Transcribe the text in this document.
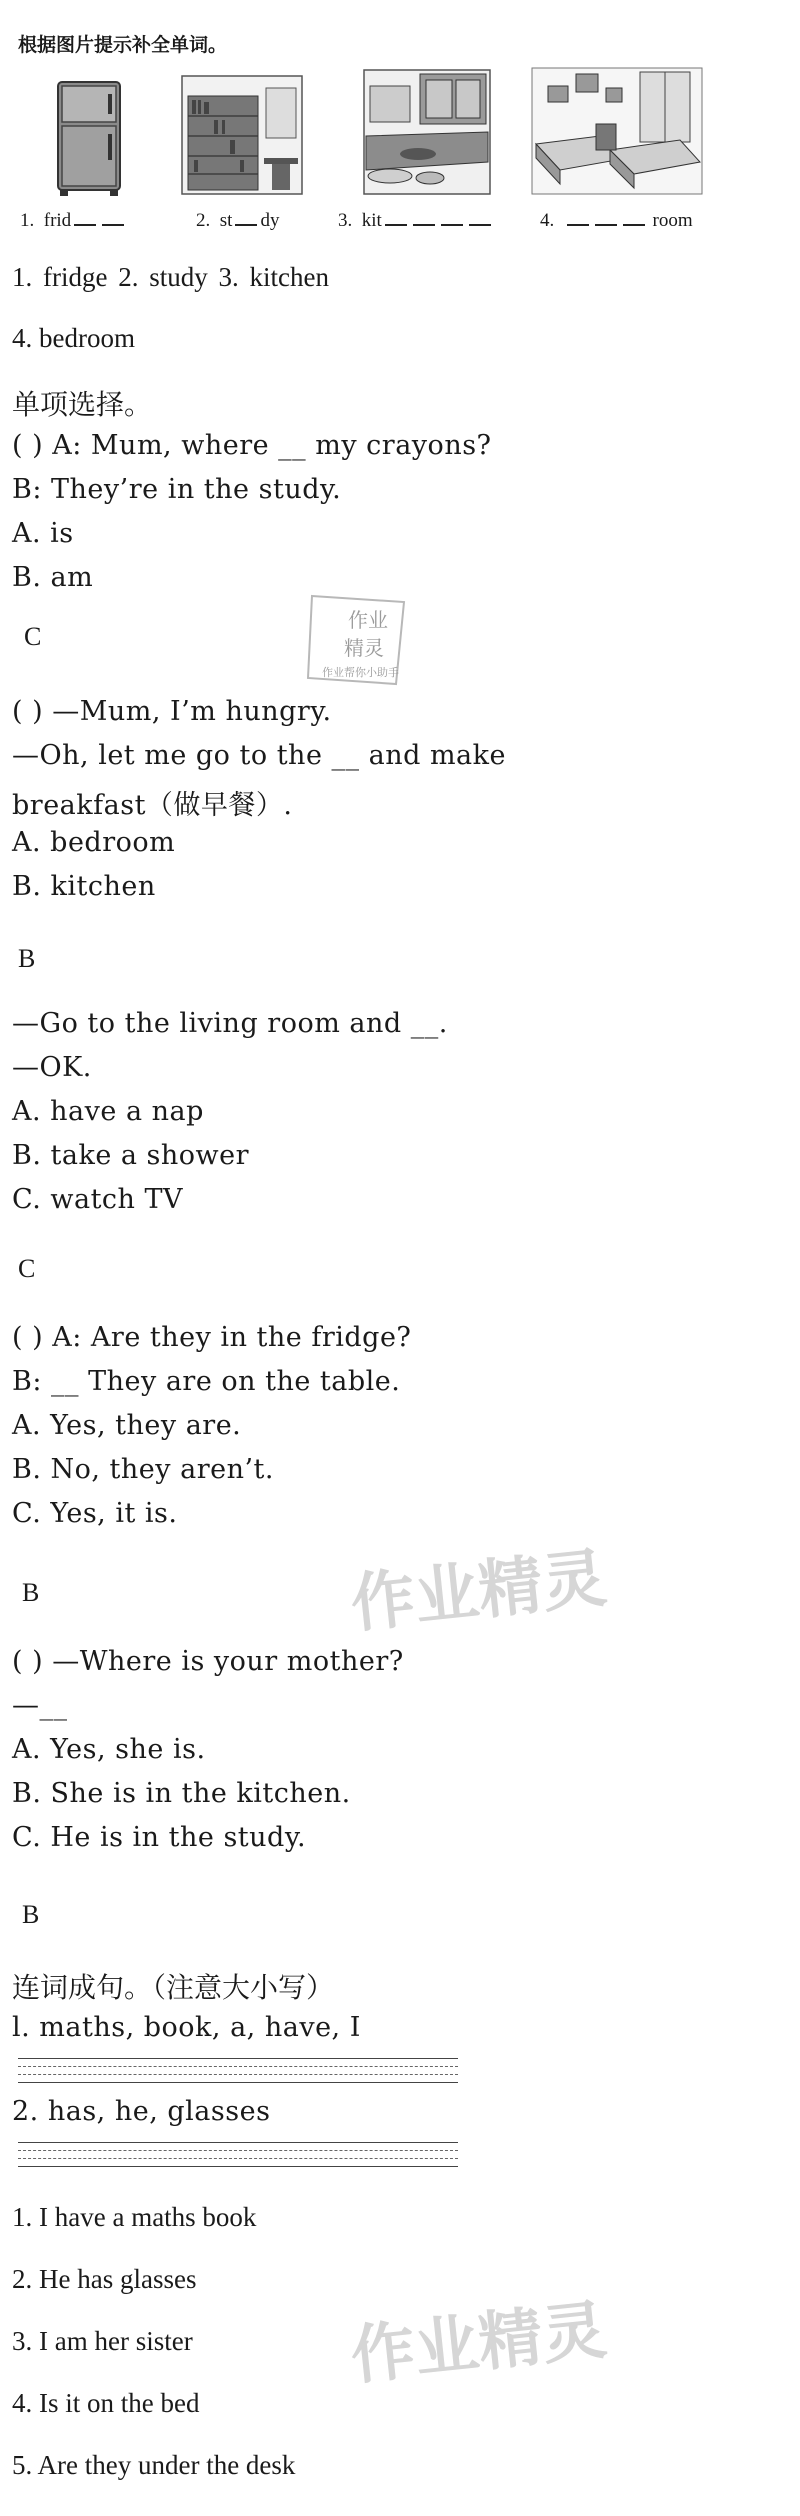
根据图片提示补全单词。
1. frid	2. st dy	3. kit	4.	room
1. fridge 2. study 3. kitchen
4. bedroom
单项选择。
( ) A: Mum, where __ my crayons?
B: They’re in the study.
A. is
B. am
C
作业
精灵
作业帮你小助手
( ) —Mum, I’m hungry.
—Oh, let me go to the __ and make
breakfast（做早餐）.
A. bedroom
B. kitchen
B
—Go to the living room and __.
—OK.
A. have a nap
B. take a shower
C. watch TV
C
( ) A: Are they in the fridge?
B: __ They are on the table.
A. Yes, they are.
B. No, they aren’t.
C. Yes, it is.
B	作业精灵
( ) —Where is your mother?
—__
A. Yes, she is.
B. She is in the kitchen.
C. He is in the study.
B
连词成句。（注意大小写）
l. maths, book, a, have, I
2. has, he, glasses
1. I have a maths book
2. He has glasses
3. I am her sister
4. Is it on the bed
5. Are they under the desk
作业精灵
